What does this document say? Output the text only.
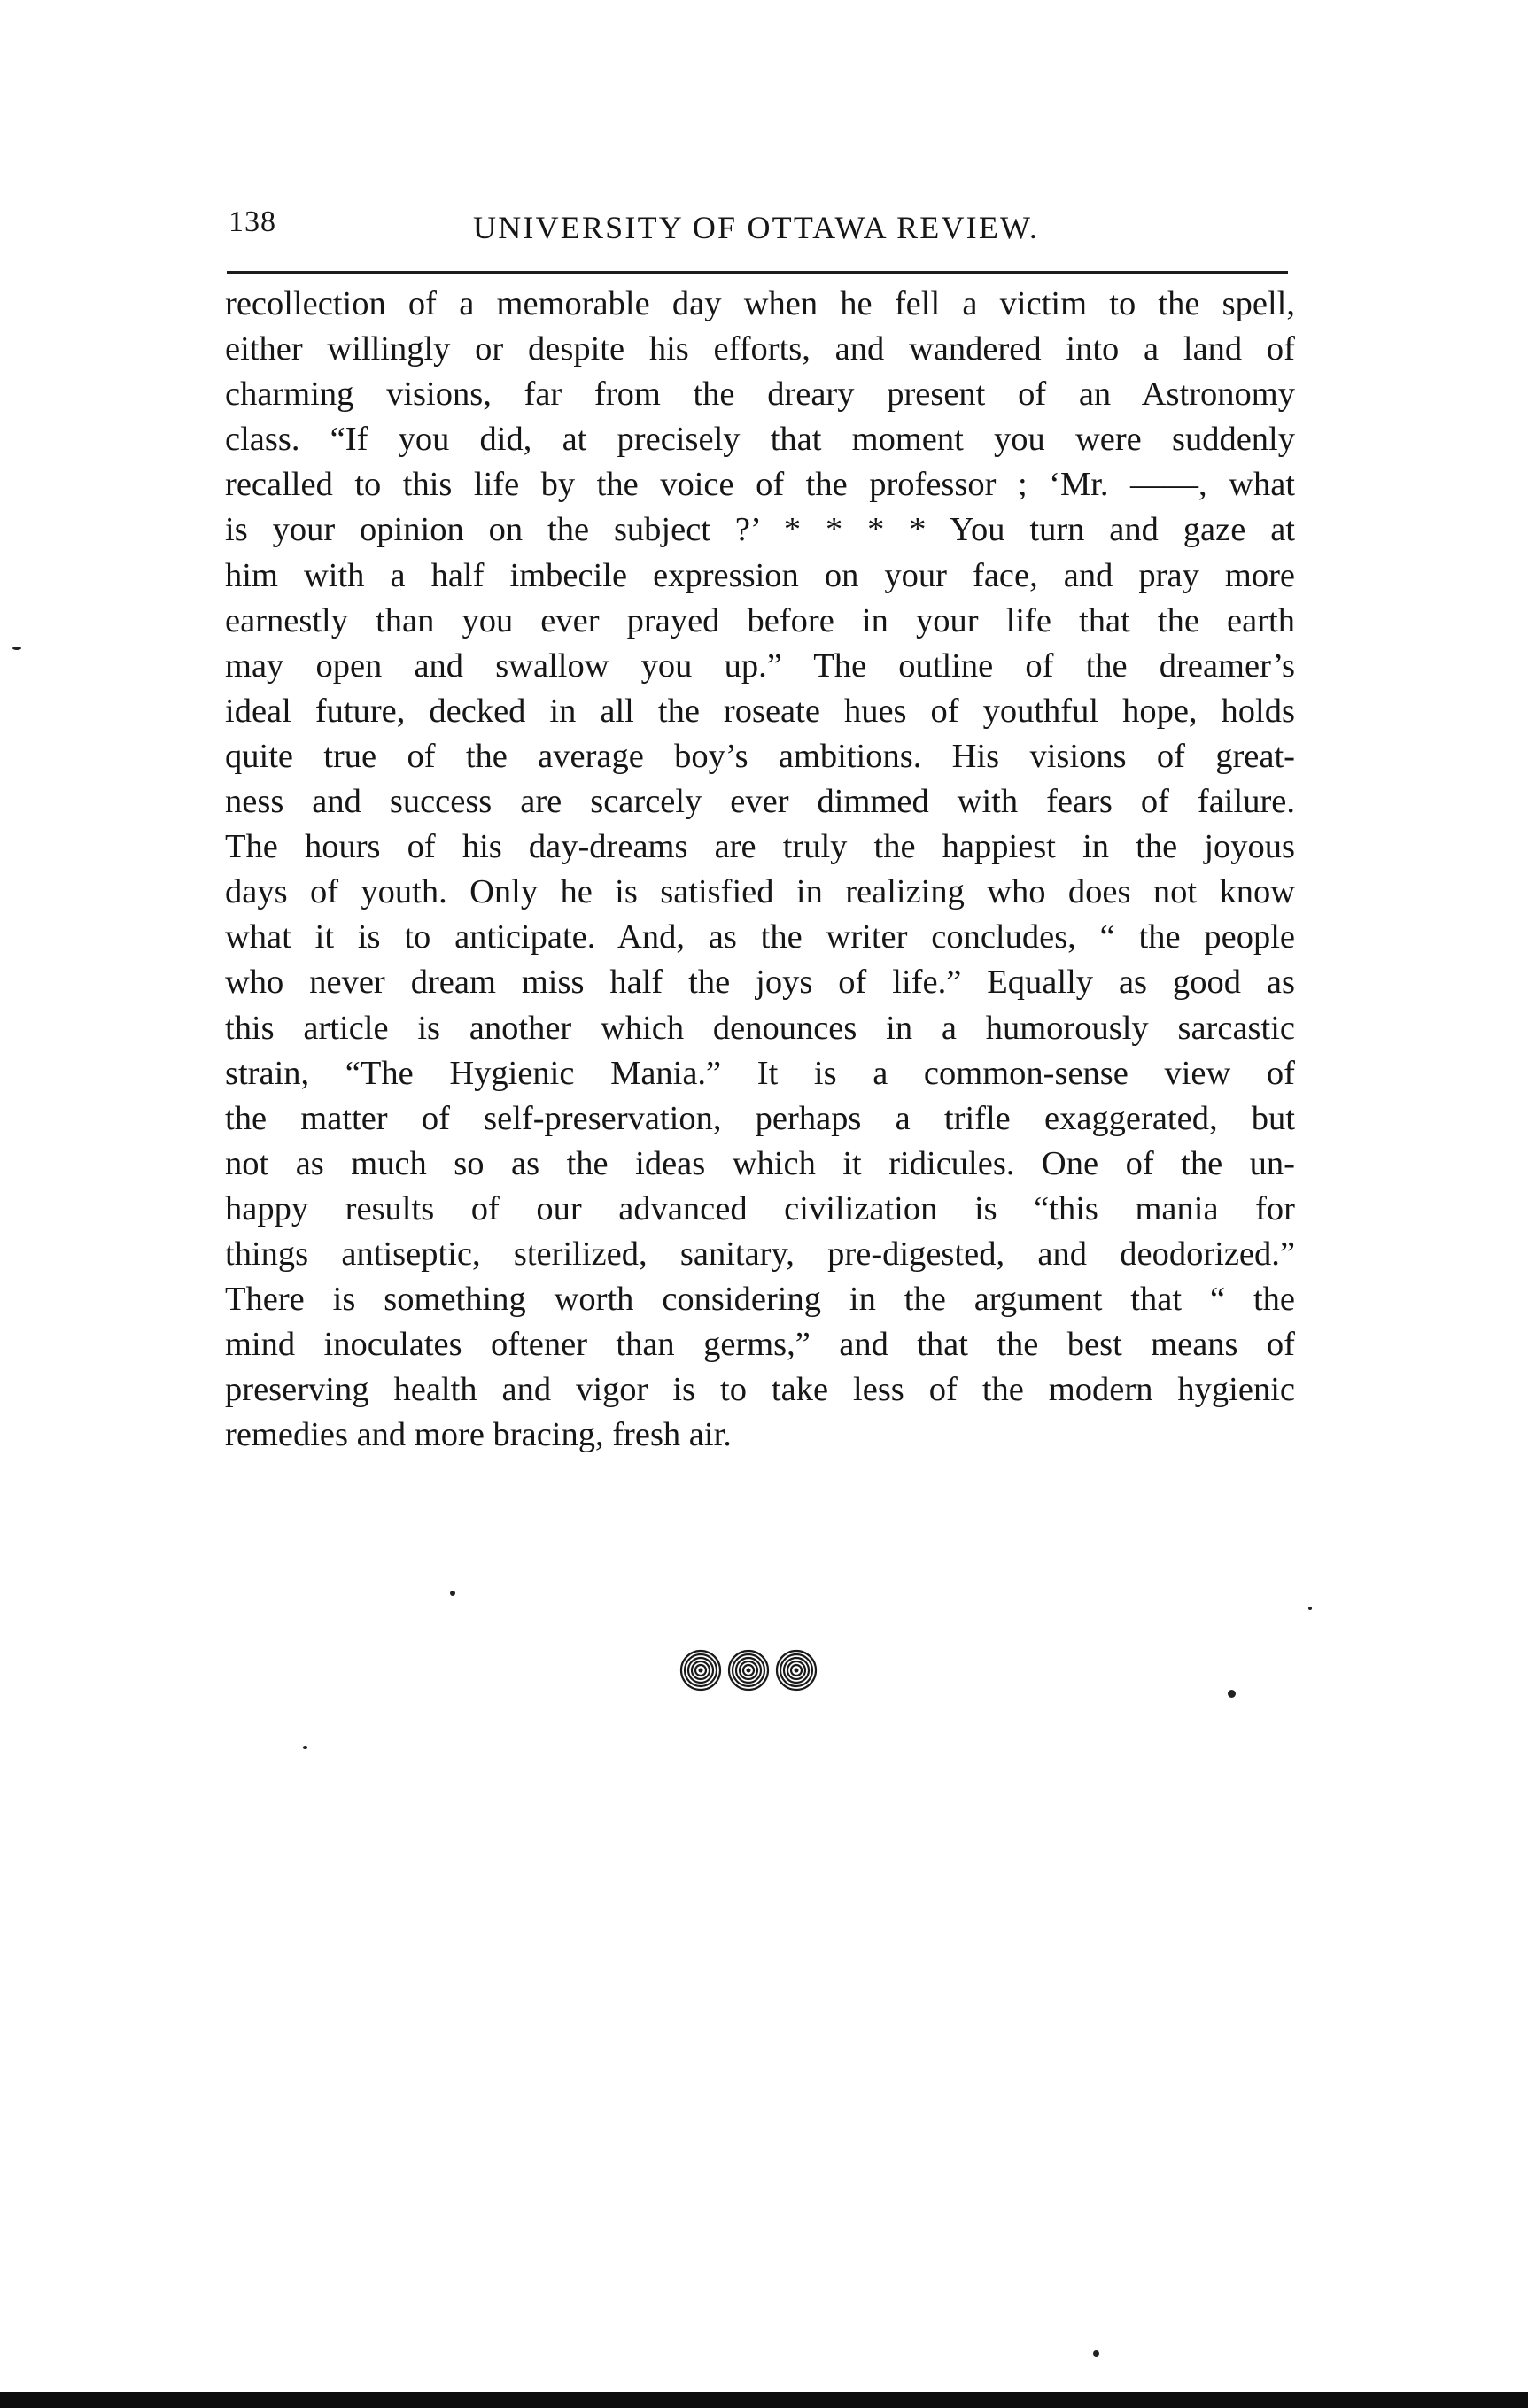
138	UNIVERSITY OF OTTAWA REVIEW.
recollection of a memorable day when he fell a victim to the spell,
either willingly or despite his efforts, and wandered into a land of
charming visions, far from the dreary present of an Astronomy
class. “If you did, at precisely that moment you were suddenly
recalled to this life by the voice of the professor ; ‘Mr. ——, what
is your opinion on the subject ?’ * * * * You turn and gaze at
him with a half imbecile expression on your face, and pray more
earnestly than you ever prayed before in your life that the earth
may open and swallow you up.” The outline of the dreamer’s
ideal future, decked in all the roseate hues of youthful hope, holds
quite true of the average boy’s ambitions. His visions of great-
ness and success are scarcely ever dimmed with fears of failure.
The hours of his day-dreams are truly the happiest in the joyous
days of youth. Only he is satisfied in realizing who does not know
what it is to anticipate. And, as the writer concludes, “ the people
who never dream miss half the joys of life.” Equally as good as
this article is another which denounces in a humorously sarcastic
strain, “The Hygienic Mania.” It is a common-sense view of
the matter of self-preservation, perhaps a trifle exaggerated, but
not as much so as the ideas which it ridicules. One of the un-
happy results of our advanced civilization is “this mania for
things antiseptic, sterilized, sanitary, pre-digested, and deodorized.”
There is something worth considering in the argument that “ the
mind inoculates oftener than germs,” and that the best means of
preserving health and vigor is to take less of the modern hygienic
remedies and more bracing, fresh air.
